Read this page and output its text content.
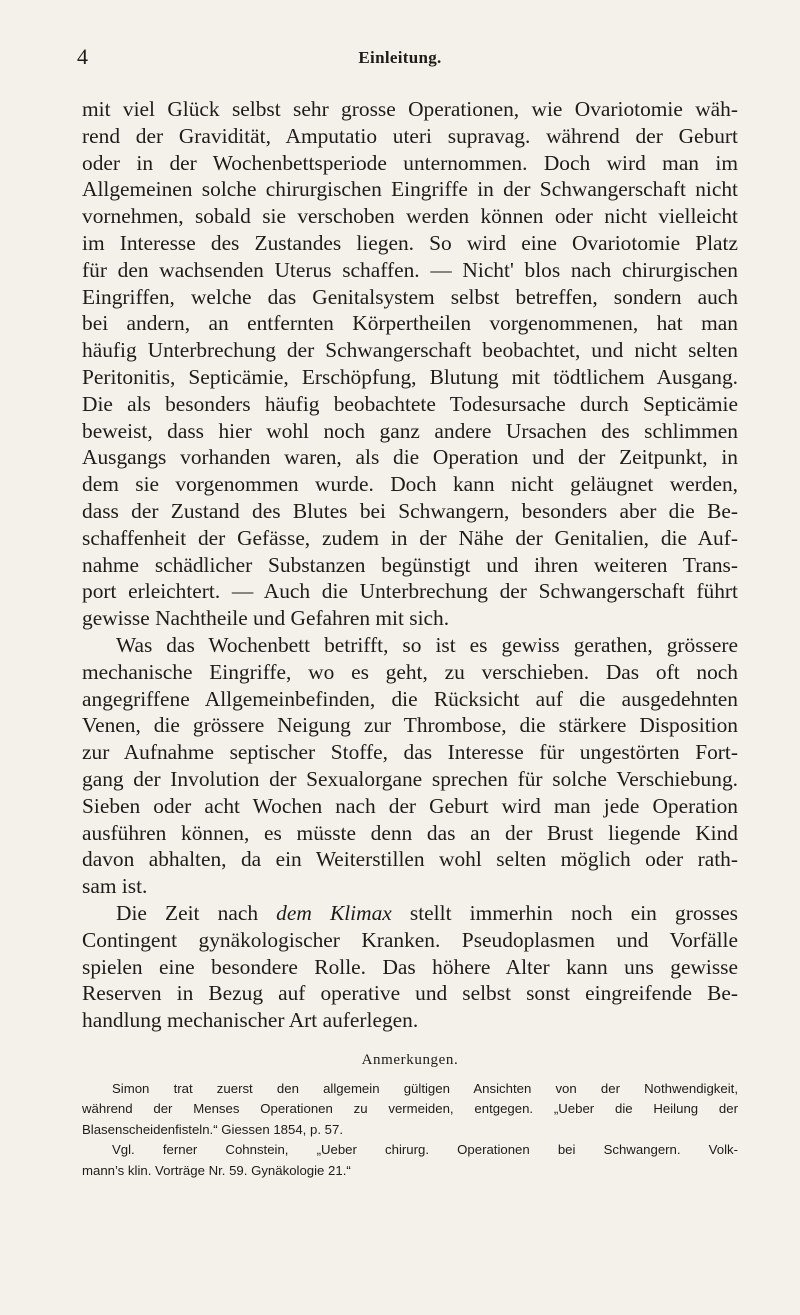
4	Einleitung.
mit viel Glück selbst sehr grosse Operationen, wie Ovariotomie wäh-
rend der Gravidität, Amputatio uteri supravag. während der Geburt
oder in der Wochenbettsperiode unternommen. Doch wird man im
Allgemeinen solche chirurgischen Eingriffe in der Schwangerschaft nicht
vornehmen, sobald sie verschoben werden können oder nicht vielleicht
im Interesse des Zustandes liegen. So wird eine Ovariotomie Platz
für den wachsenden Uterus schaffen. — Nicht' blos nach chirurgischen
Eingriffen, welche das Genitalsystem selbst betreffen, sondern auch
bei andern, an entfernten Körpertheilen vorgenommenen, hat man
häufig Unterbrechung der Schwangerschaft beobachtet, und nicht selten
Peritonitis, Septicämie, Erschöpfung, Blutung mit tödtlichem Ausgang.
Die als besonders häufig beobachtete Todesursache durch Septicämie
beweist, dass hier wohl noch ganz andere Ursachen des schlimmen
Ausgangs vorhanden waren, als die Operation und der Zeitpunkt, in
dem sie vorgenommen wurde. Doch kann nicht geläugnet werden,
dass der Zustand des Blutes bei Schwangern, besonders aber die Be-
schaffenheit der Gefässe, zudem in der Nähe der Genitalien, die Auf-
nahme schädlicher Substanzen begünstigt und ihren weiteren Trans-
port erleichtert. — Auch die Unterbrechung der Schwangerschaft führt
gewisse Nachtheile und Gefahren mit sich.
Was das Wochenbett betrifft, so ist es gewiss gerathen, grössere
mechanische Eingriffe, wo es geht, zu verschieben. Das oft noch
angegriffene Allgemeinbefinden, die Rücksicht auf die ausgedehnten
Venen, die grössere Neigung zur Thrombose, die stärkere Disposition
zur Aufnahme septischer Stoffe, das Interesse für ungestörten Fort-
gang der Involution der Sexualorgane sprechen für solche Verschiebung.
Sieben oder acht Wochen nach der Geburt wird man jede Operation
ausführen können, es müsste denn das an der Brust liegende Kind
davon abhalten, da ein Weiterstillen wohl selten möglich oder rath-
sam ist.
Die Zeit nach dem Klimax stellt immerhin noch ein grosses
Contingent gynäkologischer Kranken. Pseudoplasmen und Vorfälle
spielen eine besondere Rolle. Das höhere Alter kann uns gewisse
Reserven in Bezug auf operative und selbst sonst eingreifende Be-
handlung mechanischer Art auferlegen.
Anmerkungen.
Simon trat zuerst den allgemein gültigen Ansichten von der Nothwendigkeit,
während der Menses Operationen zu vermeiden, entgegen. „Ueber die Heilung der
Blasenscheidenfisteln.“ Giessen 1854, p. 57.
Vgl. ferner Cohnstein, „Ueber chirurg. Operationen bei Schwangern. Volk-
mann’s klin. Vorträge Nr. 59. Gynäkologie 21.“
